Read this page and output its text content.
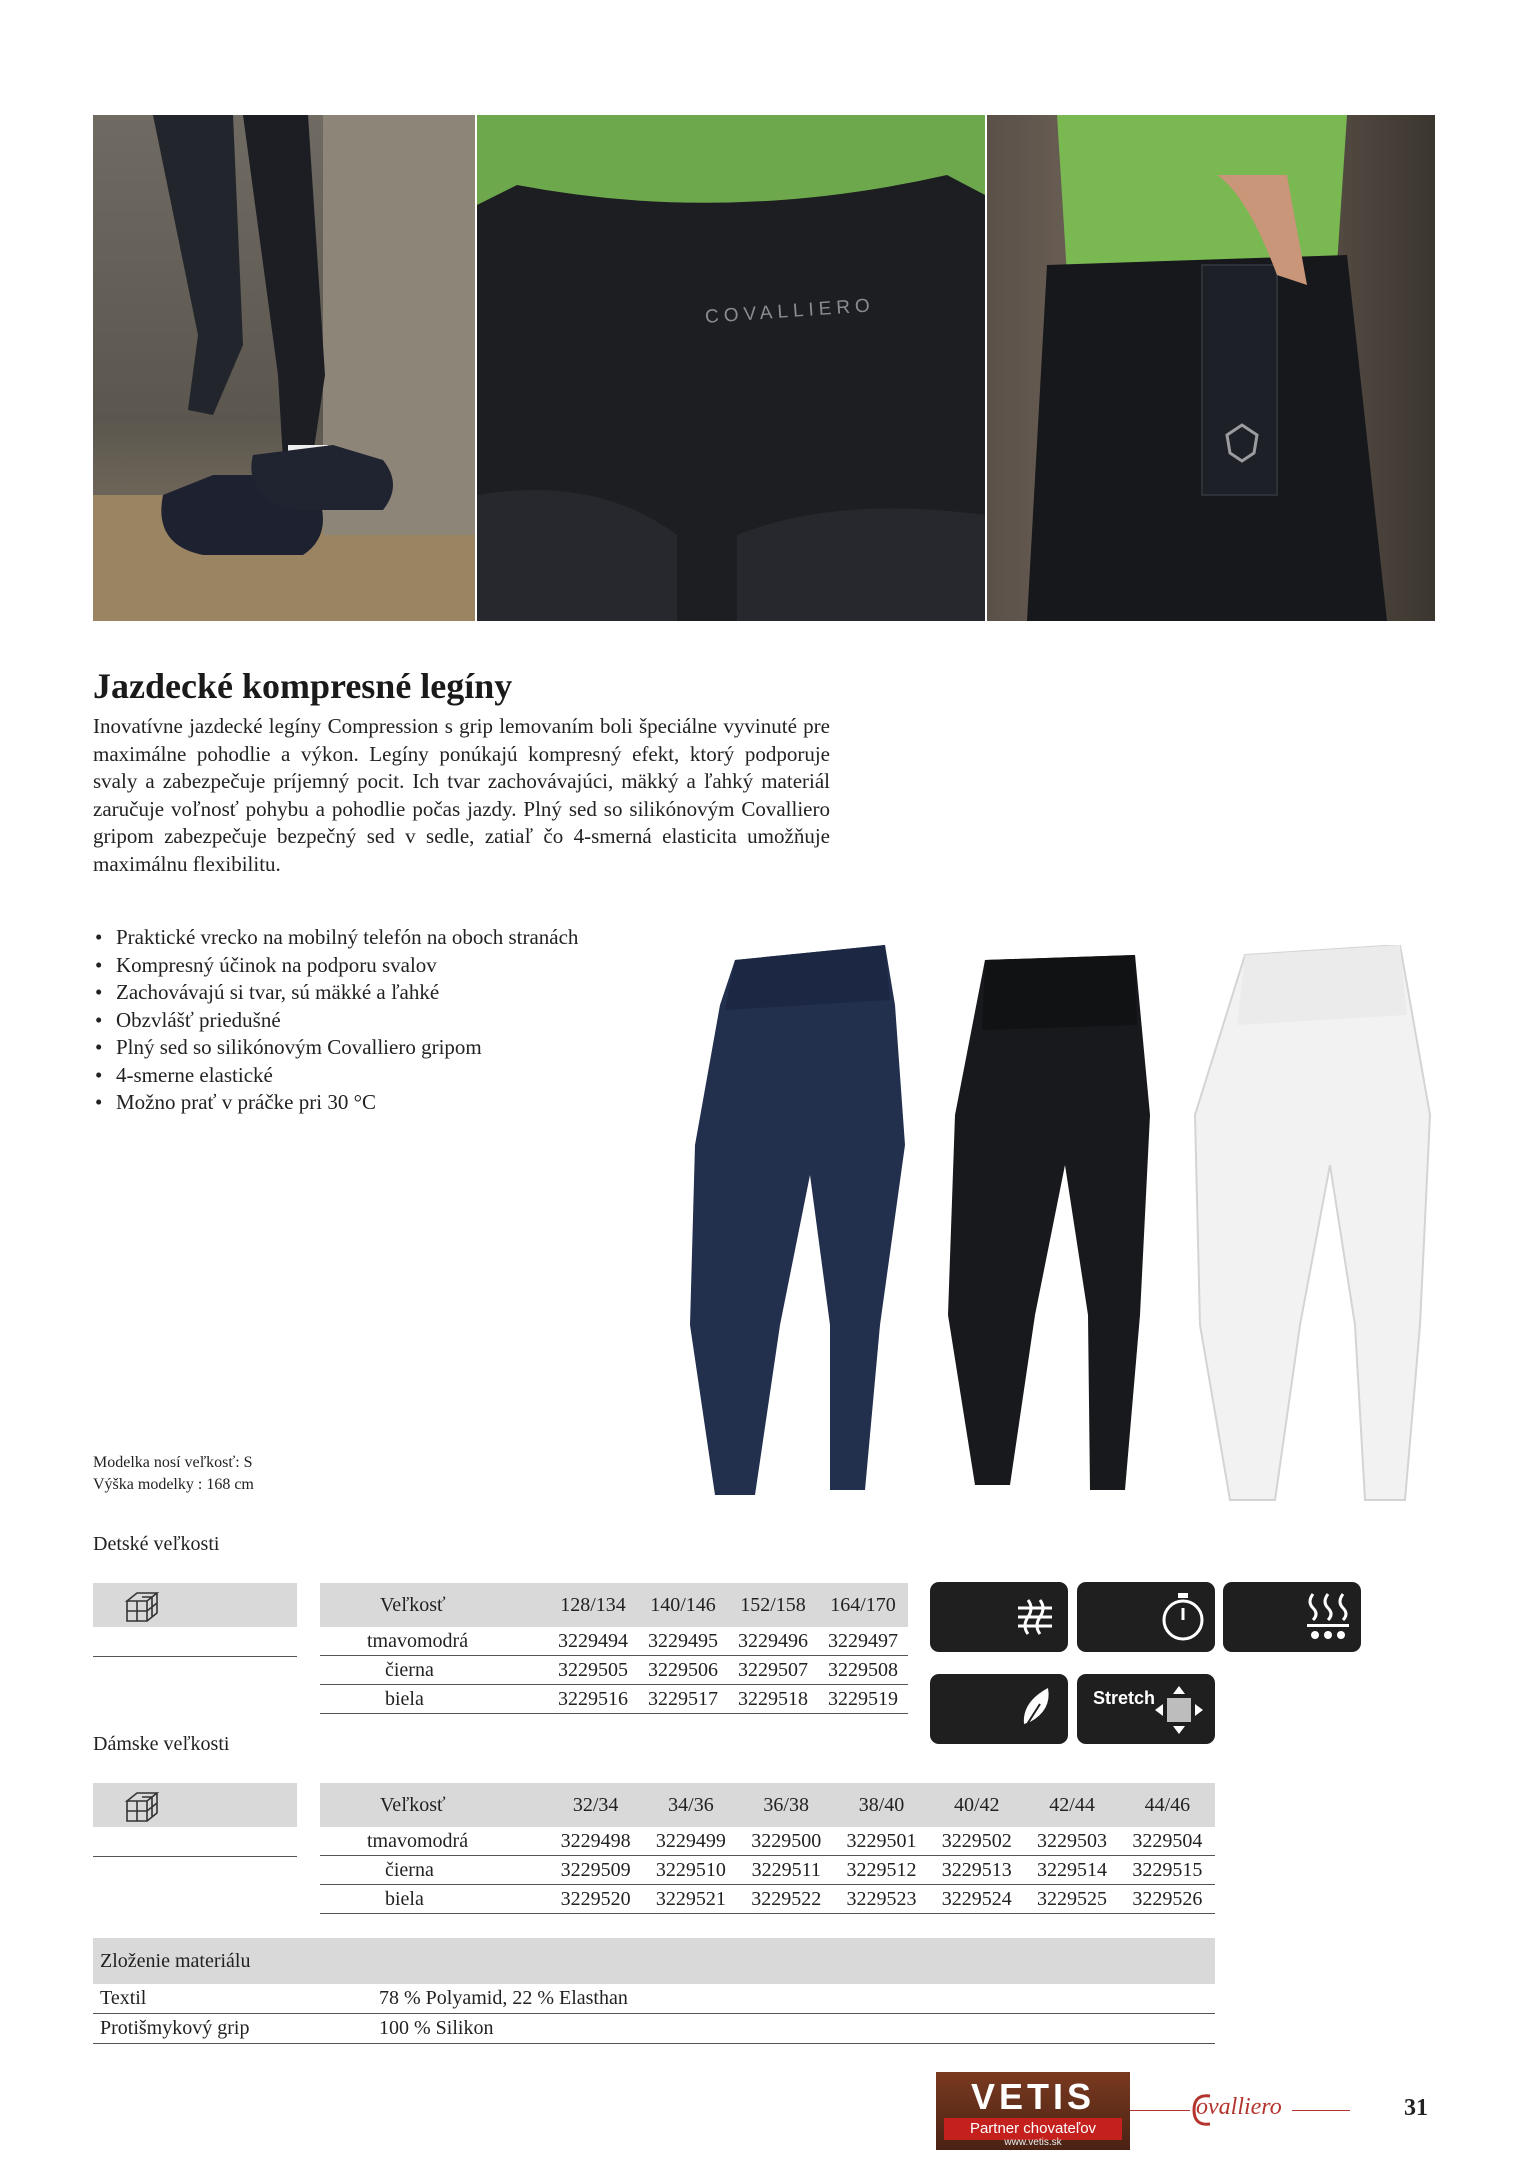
COVALLIERO
Jazdecké kompresné legíny

Inovatívne jazdecké legíny Compression s grip lemovaním boli špeciálne vyvinuté pre maximálne pohodlie a výkon. Legíny ponúkajú kompresný efekt, ktorý podporuje svaly a zabezpečuje príjemný pocit. Ich tvar zachovávajúci, mäkký a ľahký materiál zaručuje voľnosť pohybu a pohodlie počas jazdy. Plný sed so silikónovým Covalliero gripom zabezpečuje bezpečný sed v sedle, zatiaľ čo 4-smerná elasticita umožňuje maximálnu flexibilitu.

• Praktické vrecko na mobilný telefón na oboch stranách
• Kompresný účinok na podporu svalov
• Zachovávajú si tvar, sú mäkké a ľahké
• Obzvlášť priedušné
• Plný sed so silikónovým Covalliero gripom
• 4-smerne elastické
• Možno prať v práčke pri 30 °C
Modelka nosí veľkosť: S
Výška modelky : 168 cm
Detské veľkosti
Veľkosť	128/134	140/146	152/158	164/170
tmavomodrá	3229494	3229495	3229496	3229497
čierna	3229505	3229506	3229507	3229508
biela	3229516	3229517	3229518	3229519	Stretch
Dámske veľkosti
Veľkosť	32/34	34/36	36/38	38/40	40/42	42/44	44/46
tmavomodrá	3229498	3229499	3229500	3229501	3229502	3229503	3229504
čierna	3229509	3229510	3229511	3229512	3229513	3229514	3229515
biela	3229520	3229521	3229522	3229523	3229524	3229525	3229526
Zloženie materiálu	
Textil	78 % Polyamid, 22 % Elasthan
Protišmykový grip	100 % Silikon
VETIS
Partner chovateľov
www.vetis.sk
ovalliero	31
